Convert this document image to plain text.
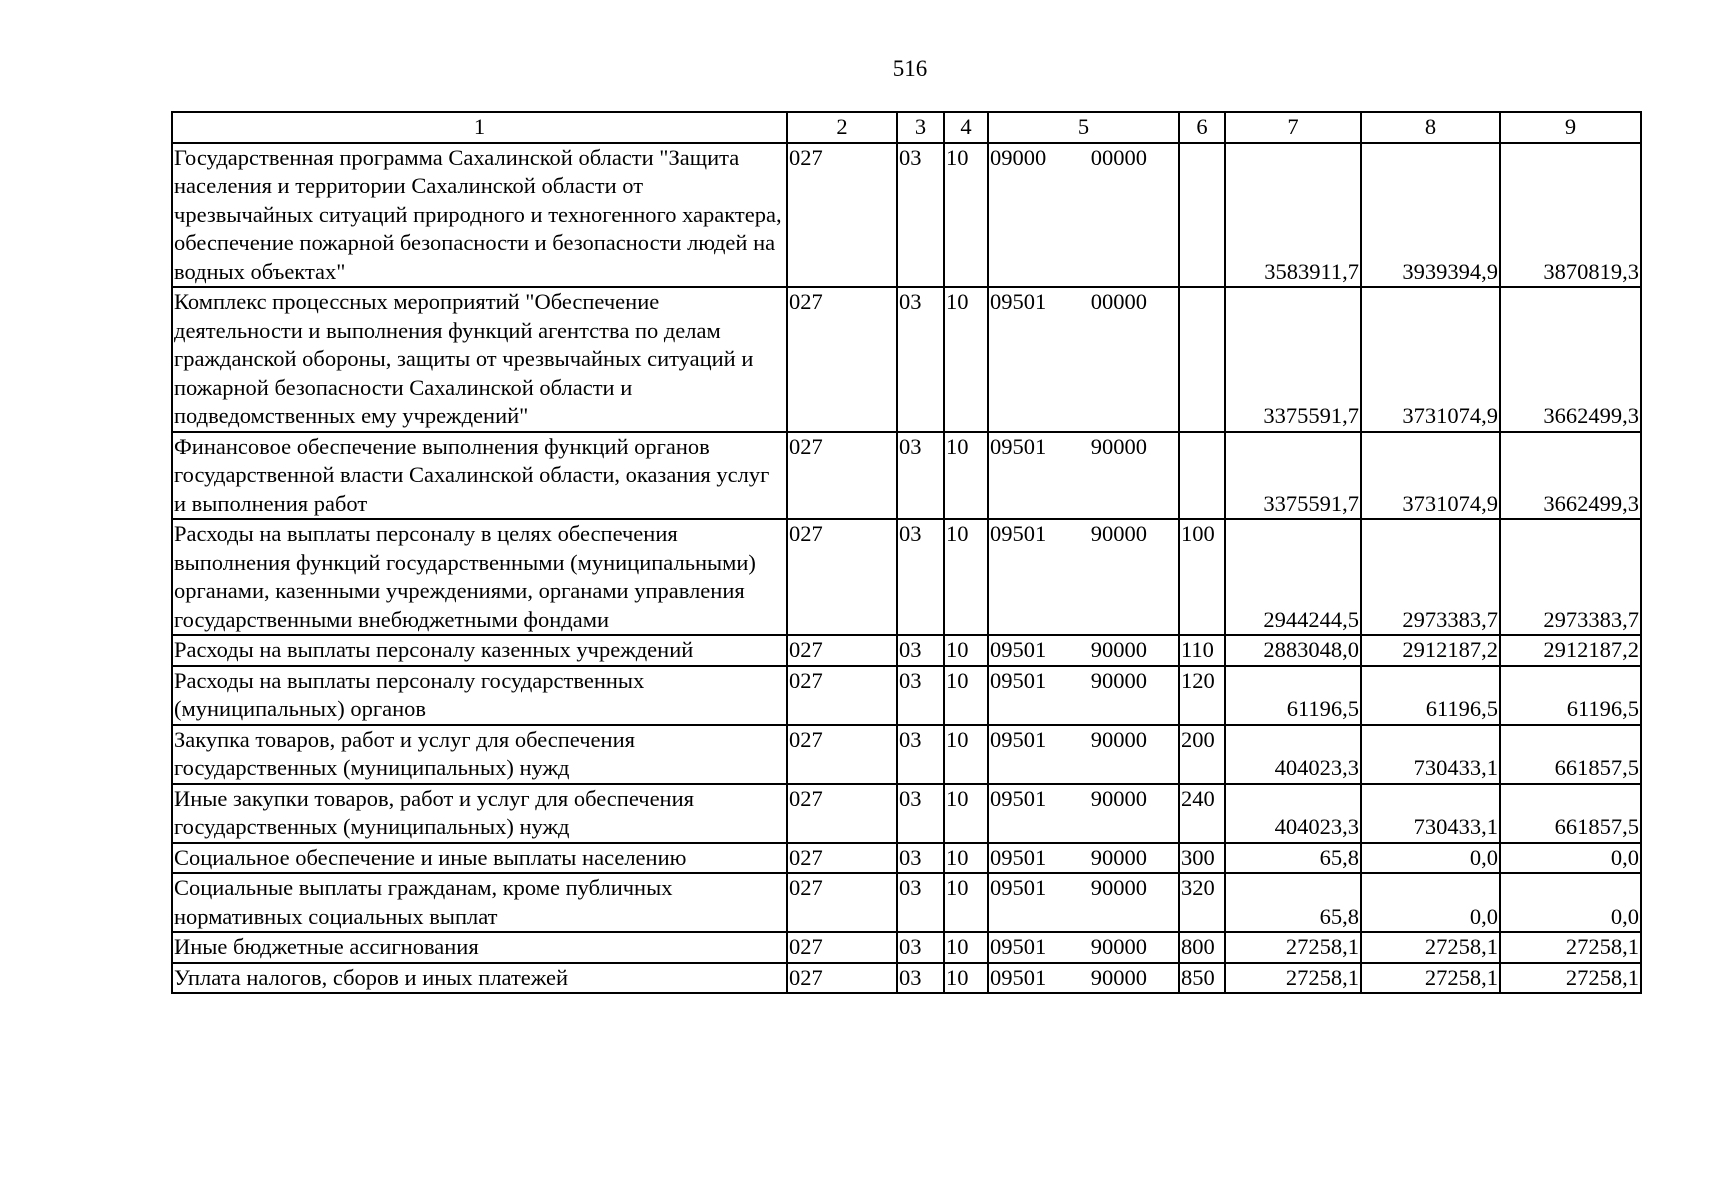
516
1	2	3	4	5	6	7	8	9
Государственная программа Сахалинской области "Защита населения и территории Сахалинской области от чрезвычайных ситуаций природного и техногенного характера, обеспечение пожарной безопасности и безопасности людей на водных объектах"	027	03	10	09000 00000		3583911,7	3939394,9	3870819,3
Комплекс процессных мероприятий "Обеспечение деятельности и выполнения функций агентства по делам гражданской обороны, защиты от чрезвычайных ситуаций и пожарной безопасности Сахалинской области и подведомственных ему учреждений"	027	03	10	09501 00000		3375591,7	3731074,9	3662499,3
Финансовое обеспечение выполнения функций органов государственной власти Сахалинской области, оказания услуг и выполнения работ	027	03	10	09501 90000		3375591,7	3731074,9	3662499,3
Расходы на выплаты персоналу в целях обеспечения выполнения функций государственными (муниципальными) органами, казенными учреждениями, органами управления государственными внебюджетными фондами	027	03	10	09501 90000	100	2944244,5	2973383,7	2973383,7
Расходы на выплаты персоналу казенных учреждений	027	03	10	09501 90000	110	2883048,0	2912187,2	2912187,2
Расходы на выплаты персоналу государственных (муниципальных) органов	027	03	10	09501 90000	120	61196,5	61196,5	61196,5
Закупка товаров, работ и услуг для обеспечения государственных (муниципальных) нужд	027	03	10	09501 90000	200	404023,3	730433,1	661857,5
Иные закупки товаров, работ и услуг для обеспечения государственных (муниципальных) нужд	027	03	10	09501 90000	240	404023,3	730433,1	661857,5
Социальное обеспечение и иные выплаты населению	027	03	10	09501 90000	300	65,8	0,0	0,0
Социальные выплаты гражданам, кроме публичных нормативных социальных выплат	027	03	10	09501 90000	320	65,8	0,0	0,0
Иные бюджетные ассигнования	027	03	10	09501 90000	800	27258,1	27258,1	27258,1
Уплата налогов, сборов и иных платежей	027	03	10	09501 90000	850	27258,1	27258,1	27258,1
